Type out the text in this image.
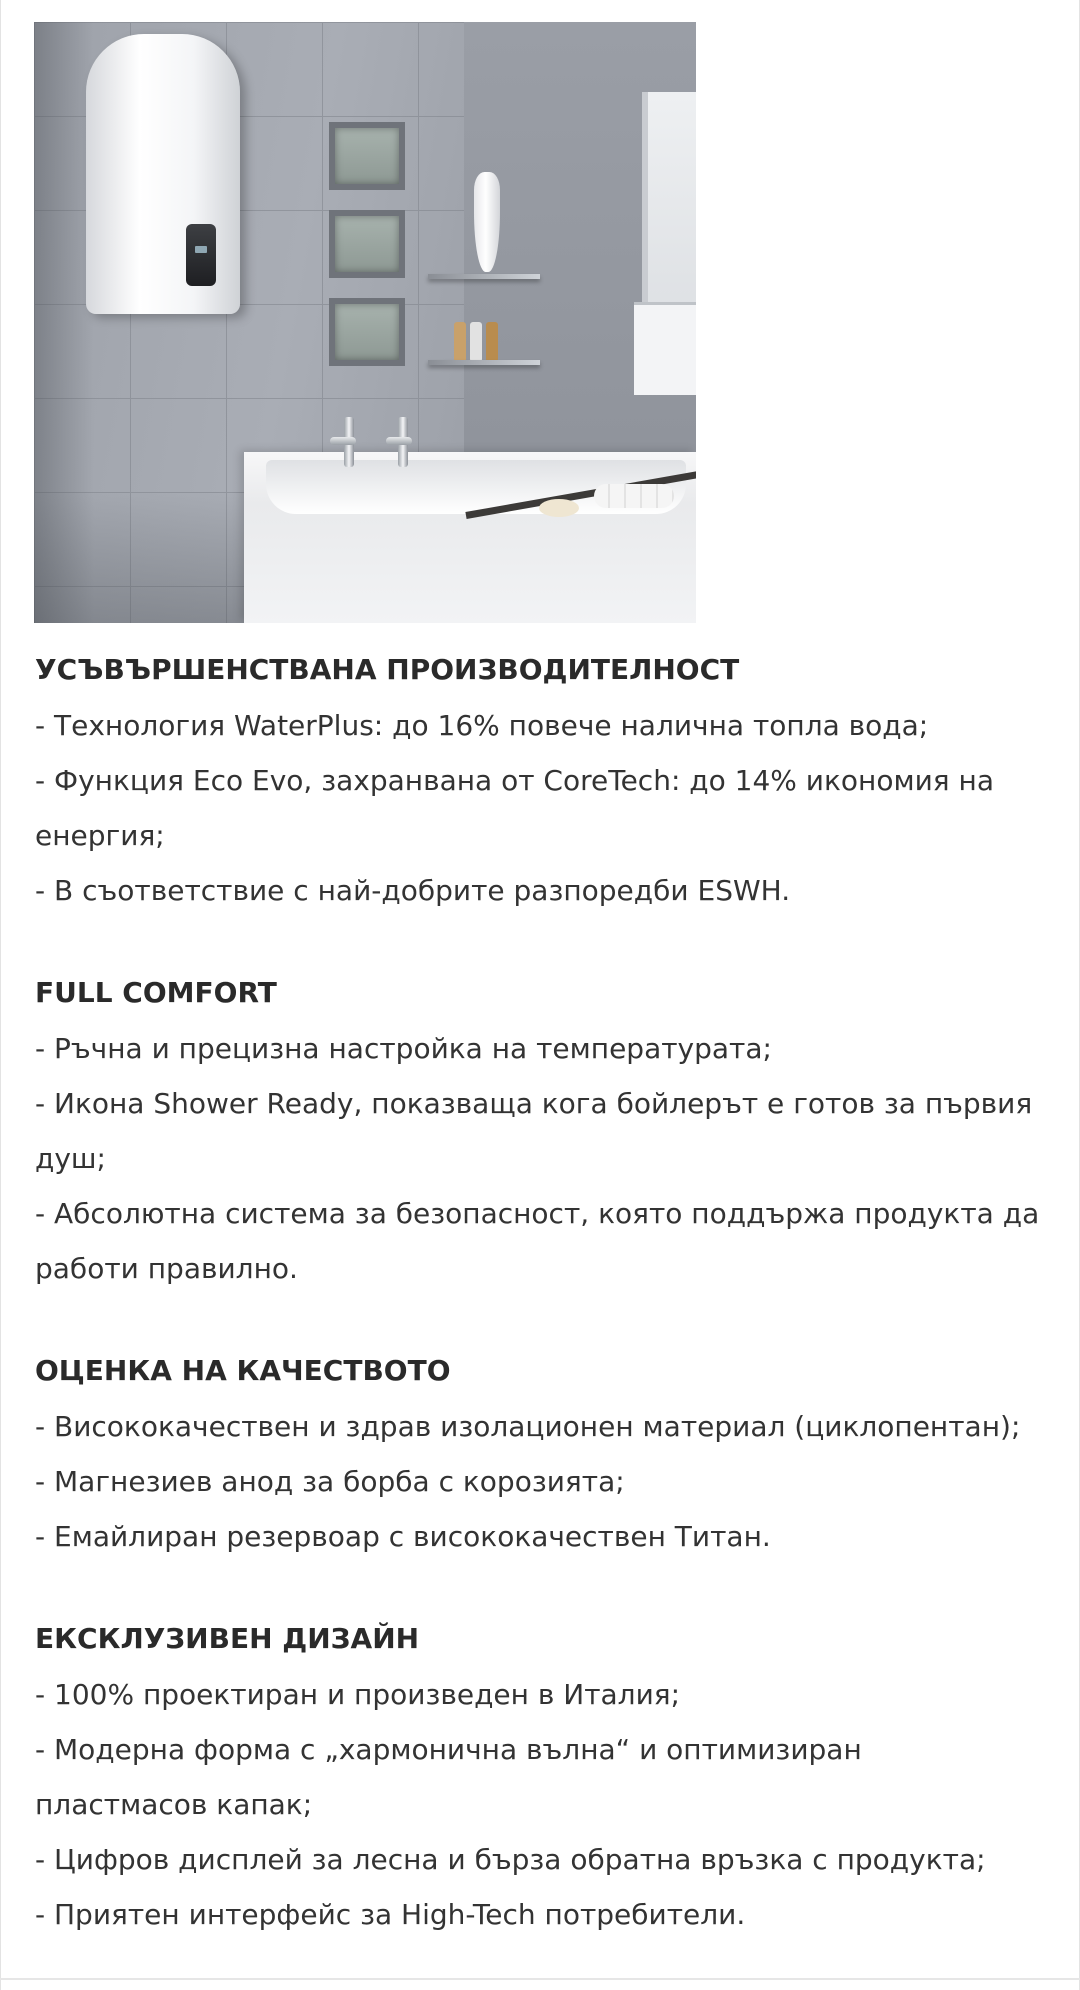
УСЪВЪРШЕНСТВАНА ПРОИЗВОДИТЕЛНОСТ

- Технология WaterPlus: до 16% повече налична топла вода;

- Функция Eco Evo, захранвана от CoreTech: до 14% икономия на

енергия;

- В съответствие с най-добрите разпоредби ESWH.

FULL COMFORT

- Ръчна и прецизна настройка на температурата;

- Икона Shower Ready, показваща кога бойлерът е готов за първия

душ;

- Абсолютна система за безопасност, която поддържа продукта да

работи правилно.

ОЦЕНКА НА КАЧЕСТВОТО

- Висококачествен и здрав изолационен материал (циклопентан);

- Магнезиев анод за борба с корозията;

- Емайлиран резервоар с висококачествен Титан.

ЕКСКЛУЗИВЕН ДИЗАЙН

- 100% проектиран и произведен в Италия;

- Модерна форма с „хармонична вълна“ и оптимизиран

пластмасов капак;

- Цифров дисплей за лесна и бърза обратна връзка с продукта;

- Приятен интерфейс за High-Tech потребители.
